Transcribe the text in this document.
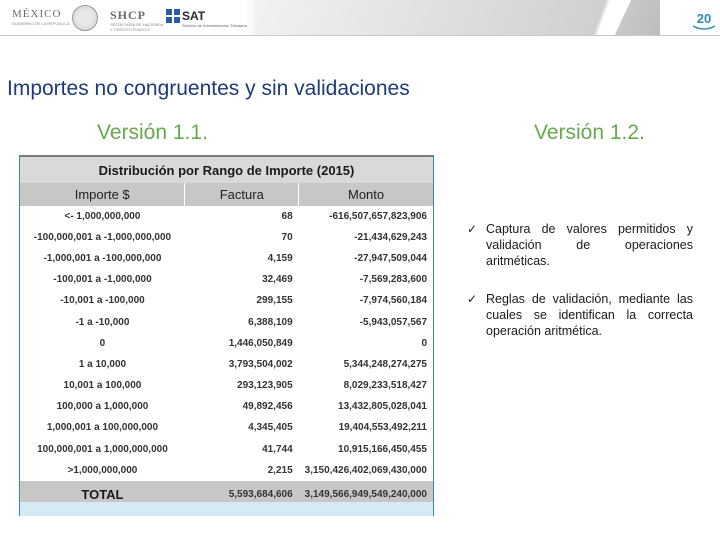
MÉXICO
GOBIERNO DE LA REPÚBLICA
SHCP
SECRETARÍA DE HACIENDA
Y CRÉDITO PÚBLICO
SAT
Servicio de Administración Tributaria	20
Importes no congruentes y sin validaciones
Versión 1.1.	Versión 1.2.
Distribución por Rango de Importe (2015)		
Importe $	Factura	Monto
<- 1,000,000,000	68	-616,507,657,823,906
-100,000,001 a -1,000,000,000	70	-21,434,629,243
-1,000,001 a -100,000,000	4,159	-27,947,509,044
-100,001 a -1,000,000	32,469	-7,569,283,600
-10,001 a -100,000	299,155	-7,974,560,184
-1 a -10,000	6,388,109	-5,943,057,567
0	1,446,050,849	0
1 a 10,000	3,793,504,002	5,344,248,274,275
10,001 a 100,000	293,123,905	8,029,233,518,427
100,000 a 1,000,000	49,892,456	13,432,805,028,041
1,000,001 a 100,000,000	4,345,405	19,404,553,492,211
100,000,001 a 1,000,000,000	41,744	10,915,166,450,455
>1,000,000,000	2,215	3,150,426,402,069,430,000
TOTAL	5,593,684,606	3,149,566,949,549,240,000
✓ Captura de valores permitidos y validación de operaciones aritméticas.
✓ Reglas de validación, mediante las cuales se identifican la correcta operación aritmética.
